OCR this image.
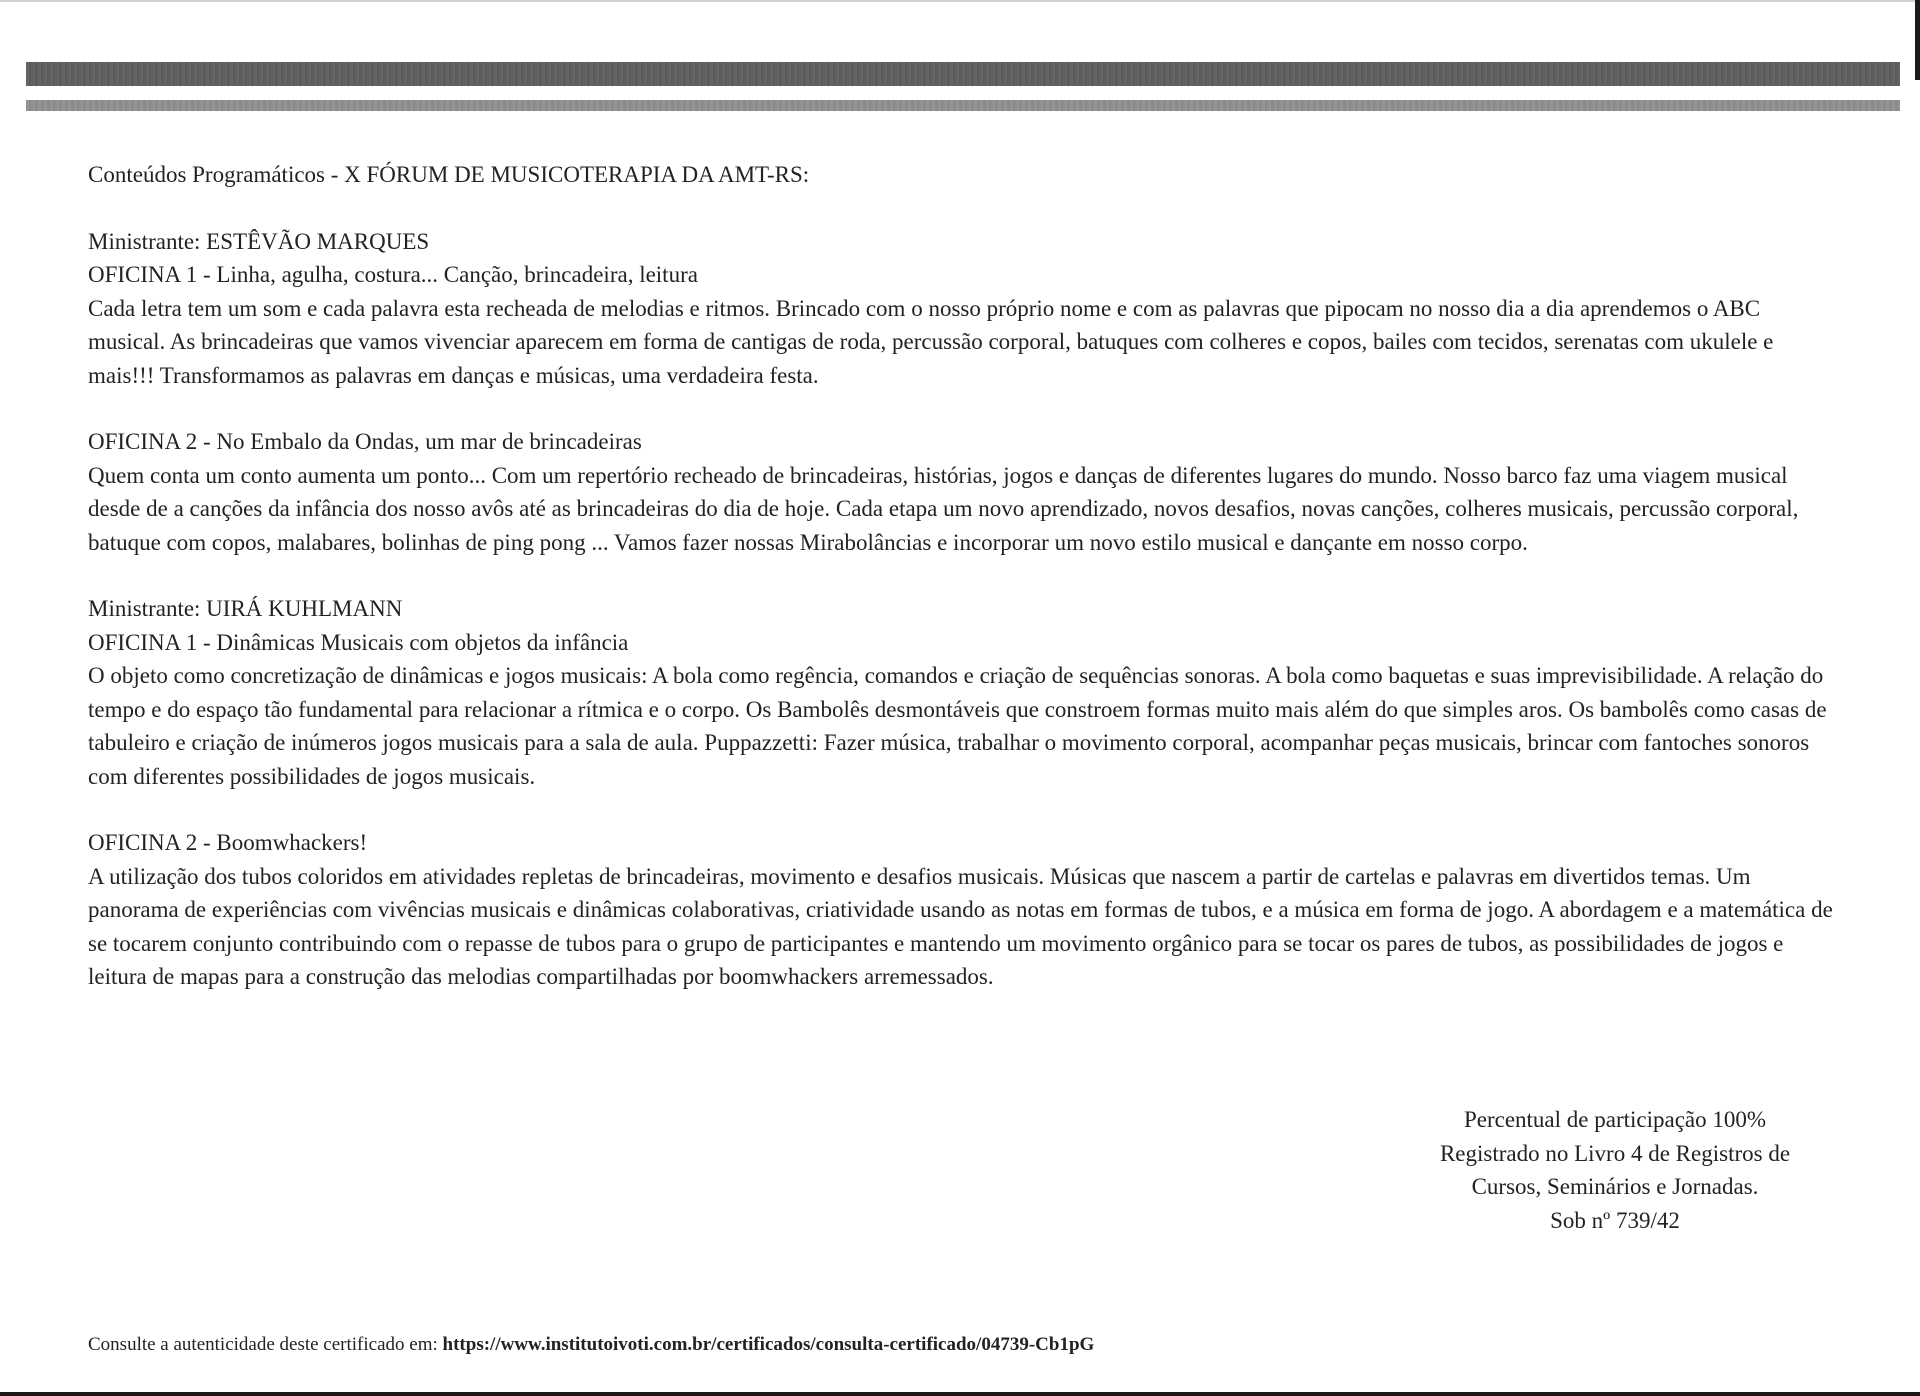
Conteúdos Programáticos - X FÓRUM DE MUSICOTERAPIA DA AMT-RS:

Ministrante: ESTÊVÃO MARQUES

OFICINA 1 - Linha, agulha, costura... Canção, brincadeira, leitura

Cada letra tem um som e cada palavra esta recheada de melodias e ritmos. Brincado com o nosso próprio nome e com as palavras que pipocam no nosso dia a dia aprendemos o ABC musical. As brincadeiras que vamos vivenciar aparecem em forma de cantigas de roda, percussão corporal, batuques com colheres e copos, bailes com tecidos, serenatas com ukulele e mais!!! Transformamos as palavras em danças e músicas, uma verdadeira festa.

OFICINA 2 - No Embalo da Ondas, um mar de brincadeiras

Quem conta um conto aumenta um ponto... Com um repertório recheado de brincadeiras, histórias, jogos e danças de diferentes lugares do mundo. Nosso barco faz uma viagem musical desde de a canções da infância dos nosso avôs até as brincadeiras do dia de hoje. Cada etapa um novo aprendizado, novos desafios, novas canções, colheres musicais, percussão corporal, batuque com copos, malabares, bolinhas de ping pong ... Vamos fazer nossas Mirabolâncias e incorporar um novo estilo musical e dançante em nosso corpo.

Ministrante: UIRÁ KUHLMANN

OFICINA 1 - Dinâmicas Musicais com objetos da infância

O objeto como concretização de dinâmicas e jogos musicais: A bola como regência, comandos e criação de sequências sonoras. A bola como baquetas e suas imprevisibilidade. A relação do tempo e do espaço tão fundamental para relacionar a rítmica e o corpo. Os Bambolês desmontáveis que constroem formas muito mais além do que simples aros. Os bambolês como casas de tabuleiro e criação de inúmeros jogos musicais para a sala de aula. Puppazzetti: Fazer música, trabalhar o movimento corporal, acompanhar peças musicais, brincar com fantoches sonoros com diferentes possibilidades de jogos musicais.

OFICINA 2 - Boomwhackers!

A utilização dos tubos coloridos em atividades repletas de brincadeiras, movimento e desafios musicais. Músicas que nascem a partir de cartelas e palavras em divertidos temas. Um panorama de experiências com vivências musicais e dinâmicas colaborativas, criatividade usando as notas em formas de tubos, e a música em forma de jogo. A abordagem e a matemática de se tocarem conjunto contribuindo com o repasse de tubos para o grupo de participantes e mantendo um movimento orgânico para se tocar os pares de tubos, as possibilidades de jogos e leitura de mapas para a construção das melodias compartilhadas por boomwhackers arremessados.

Percentual de participação 100%

Registrado no Livro 4 de Registros de

Cursos, Seminários e Jornadas.

Sob nº 739/42

Consulte a autenticidade deste certificado em: https://www.institutoivoti.com.br/certificados/consulta-certificado/04739-Cb1pG
